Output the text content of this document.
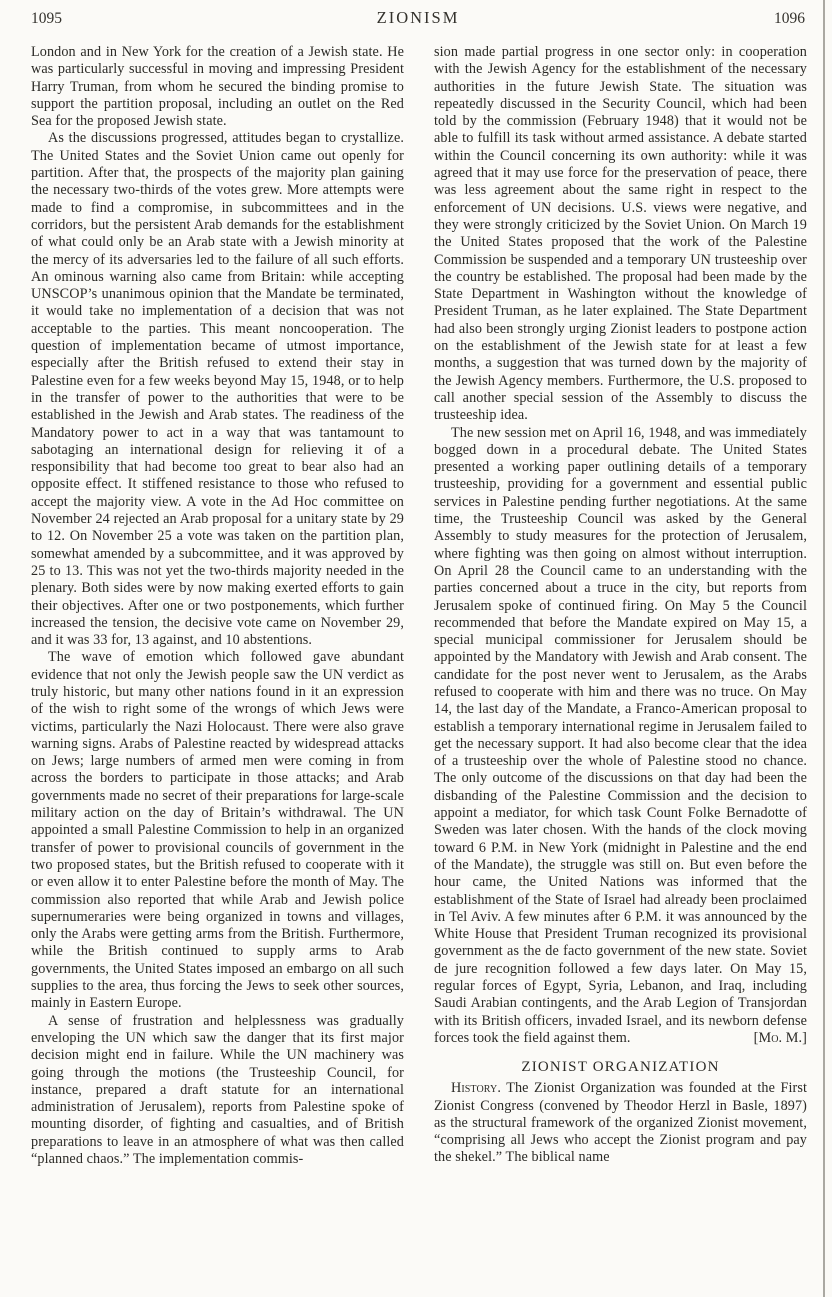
1095	ZIONISM	1096

London and in New York for the creation of a Jewish state. He was particularly successful in moving and impressing President Harry Truman, from whom he secured the binding promise to support the partition proposal, including an outlet on the Red Sea for the proposed Jewish state.

As the discussions progressed, attitudes began to crystallize. The United States and the Soviet Union came out openly for partition. After that, the prospects of the majority plan gaining the necessary two-thirds of the votes grew. More attempts were made to find a compromise, in subcommittees and in the corridors, but the persistent Arab demands for the establishment of what could only be an Arab state with a Jewish minority at the mercy of its adversaries led to the failure of all such efforts. An ominous warning also came from Britain: while accepting UNSCOP’s unanimous opinion that the Mandate be terminated, it would take no implementation of a decision that was not acceptable to the parties. This meant noncooperation. The question of implementation became of utmost importance, especially after the British refused to extend their stay in Palestine even for a few weeks beyond May 15, 1948, or to help in the transfer of power to the authorities that were to be established in the Jewish and Arab states. The readiness of the Mandatory power to act in a way that was tantamount to sabotaging an international design for relieving it of a responsibility that had become too great to bear also had an opposite effect. It stiffened resistance to those who refused to accept the majority view. A vote in the Ad Hoc committee on November 24 rejected an Arab proposal for a unitary state by 29 to 12. On November 25 a vote was taken on the partition plan, somewhat amended by a subcommittee, and it was approved by 25 to 13. This was not yet the two-thirds majority needed in the plenary. Both sides were by now making exerted efforts to gain their objectives. After one or two postponements, which further increased the tension, the decisive vote came on November 29, and it was 33 for, 13 against, and 10 abstentions.

The wave of emotion which followed gave abundant evidence that not only the Jewish people saw the UN verdict as truly historic, but many other nations found in it an expression of the wish to right some of the wrongs of which Jews were victims, particularly the Nazi Holocaust. There were also grave warning signs. Arabs of Palestine reacted by widespread attacks on Jews; large numbers of armed men were coming in from across the borders to participate in those attacks; and Arab governments made no secret of their preparations for large-scale military action on the day of Britain’s withdrawal. The UN appointed a small Palestine Commission to help in an organized transfer of power to provisional councils of government in the two proposed states, but the British refused to cooperate with it or even allow it to enter Palestine before the month of May. The commission also reported that while Arab and Jewish police supernumeraries were being organized in towns and villages, only the Arabs were getting arms from the British. Furthermore, while the British continued to supply arms to Arab governments, the United States imposed an embargo on all such supplies to the area, thus forcing the Jews to seek other sources, mainly in Eastern Europe.

A sense of frustration and helplessness was gradually enveloping the UN which saw the danger that its first major decision might end in failure. While the UN machinery was going through the motions (the Trusteeship Council, for instance, prepared a draft statute for an international administration of Jerusalem), reports from Palestine spoke of mounting disorder, of fighting and casualties, and of British preparations to leave in an atmosphere of what was then called “planned chaos.” The implementation commis-

sion made partial progress in one sector only: in cooperation with the Jewish Agency for the establishment of the necessary authorities in the future Jewish State. The situation was repeatedly discussed in the Security Council, which had been told by the commission (February 1948) that it would not be able to fulfill its task without armed assistance. A debate started within the Council concerning its own authority: while it was agreed that it may use force for the preservation of peace, there was less agreement about the same right in respect to the enforcement of UN decisions. U.S. views were negative, and they were strongly criticized by the Soviet Union. On March 19 the United States proposed that the work of the Palestine Commission be suspended and a temporary UN trusteeship over the country be established. The proposal had been made by the State Department in Washington without the knowledge of President Truman, as he later explained. The State Department had also been strongly urging Zionist leaders to postpone action on the establishment of the Jewish state for at least a few months, a suggestion that was turned down by the majority of the Jewish Agency members. Furthermore, the U.S. proposed to call another special session of the Assembly to discuss the trusteeship idea.

The new session met on April 16, 1948, and was immediately bogged down in a procedural debate. The United States presented a working paper outlining details of a temporary trusteeship, providing for a government and essential public services in Palestine pending further negotiations. At the same time, the Trusteeship Council was asked by the General Assembly to study measures for the protection of Jerusalem, where fighting was then going on almost without interruption. On April 28 the Council came to an understanding with the parties concerned about a truce in the city, but reports from Jerusalem spoke of continued firing. On May 5 the Council recommended that before the Mandate expired on May 15, a special municipal commissioner for Jerusalem should be appointed by the Mandatory with Jewish and Arab consent. The candidate for the post never went to Jerusalem, as the Arabs refused to cooperate with him and there was no truce. On May 14, the last day of the Mandate, a Franco-American proposal to establish a temporary international regime in Jerusalem failed to get the necessary support. It had also become clear that the idea of a trusteeship over the whole of Palestine stood no chance. The only outcome of the discussions on that day had been the disbanding of the Palestine Commission and the decision to appoint a mediator, for which task Count Folke Bernadotte of Sweden was later chosen. With the hands of the clock moving toward 6 P.M. in New York (midnight in Palestine and the end of the Mandate), the struggle was still on. But even before the hour came, the United Nations was informed that the establishment of the State of Israel had already been proclaimed in Tel Aviv. A few minutes after 6 P.M. it was announced by the White House that President Truman recognized its provisional government as the de facto government of the new state. Soviet de jure recognition followed a few days later. On May 15, regular forces of Egypt, Syria, Lebanon, and Iraq, including Saudi Arabian contingents, and the Arab Legion of Transjordan with its British officers, invaded Israel, and its newborn defense forces took the field against them.	[Mo. M.]

ZIONIST ORGANIZATION

History. The Zionist Organization was founded at the First Zionist Congress (convened by Theodor Herzl in Basle, 1897) as the structural framework of the organized Zionist movement, “comprising all Jews who accept the Zionist program and pay the shekel.” The biblical name
